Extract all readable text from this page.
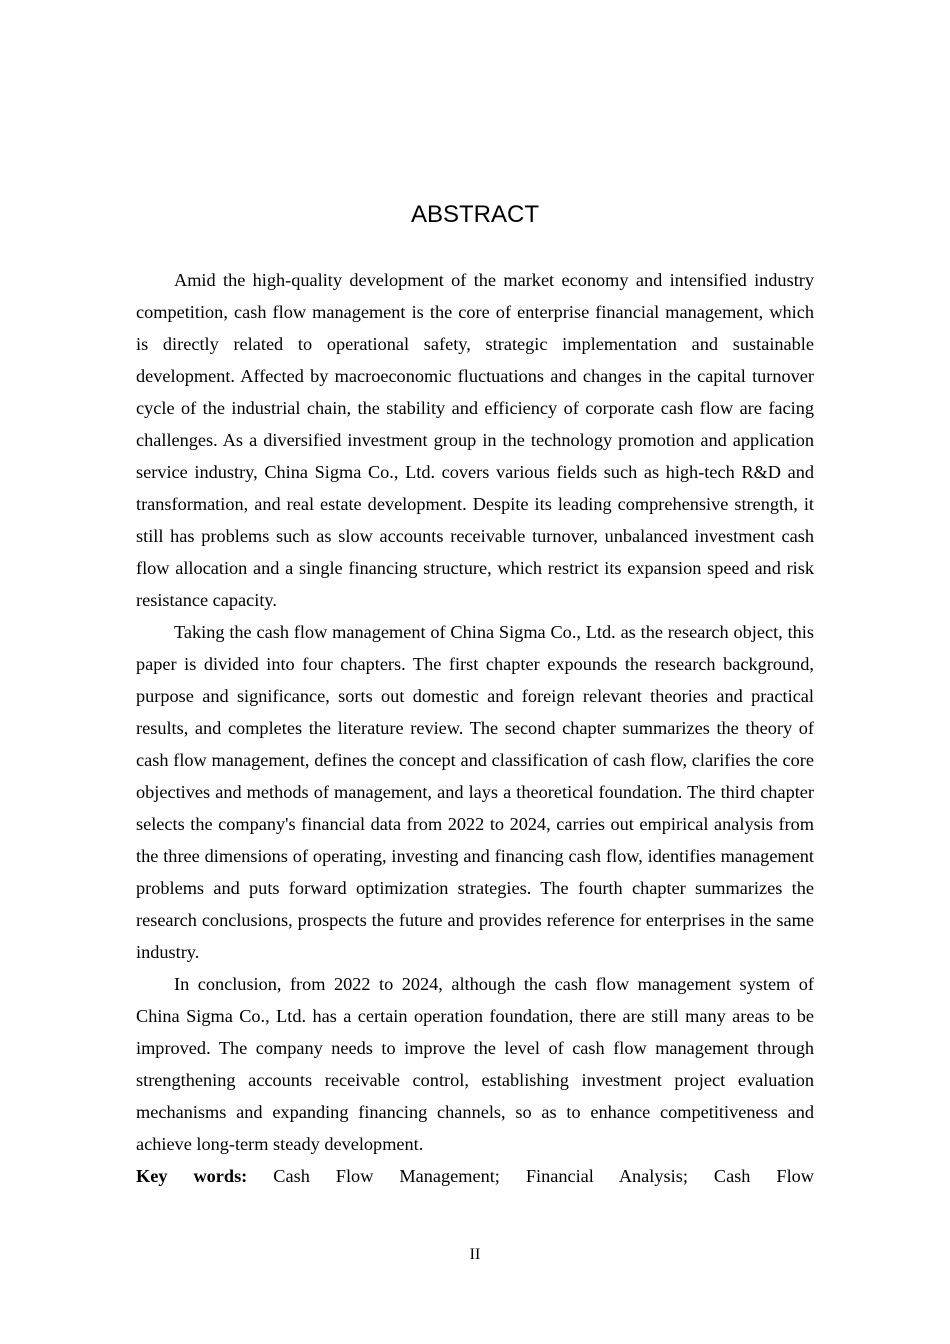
ABSTRACT

Amid the high-quality development of the market economy and intensified industry competition, cash flow management is the core of enterprise financial management, which is directly related to operational safety, strategic implementation and sustainable development. Affected by macroeconomic fluctuations and changes in the capital turnover cycle of the industrial chain, the stability and efficiency of corporate cash flow are facing challenges. As a diversified investment group in the technology promotion and application service industry, China Sigma Co., Ltd. covers various fields such as high-tech R&D and transformation, and real estate development. Despite its leading comprehensive strength, it still has problems such as slow accounts receivable turnover, unbalanced investment cash flow allocation and a single financing structure, which restrict its expansion speed and risk resistance capacity.

Taking the cash flow management of China Sigma Co., Ltd. as the research object, this paper is divided into four chapters. The first chapter expounds the research background, purpose and significance, sorts out domestic and foreign relevant theories and practical results, and completes the literature review. The second chapter summarizes the theory of cash flow management, defines the concept and classification of cash flow, clarifies the core objectives and methods of management, and lays a theoretical foundation. The third chapter selects the company's financial data from 2022 to 2024, carries out empirical analysis from the three dimensions of operating, investing and financing cash flow, identifies management problems and puts forward optimization strategies. The fourth chapter summarizes the research conclusions, prospects the future and provides reference for enterprises in the same industry.

In conclusion, from 2022 to 2024, although the cash flow management system of China Sigma Co., Ltd. has a certain operation foundation, there are still many areas to be improved. The company needs to improve the level of cash flow management through strengthening accounts receivable control, establishing investment project evaluation mechanisms and expanding financing channels, so as to enhance competitiveness and achieve long-term steady development.

Key words: Cash Flow Management; Financial Analysis; Cash Flow

II
